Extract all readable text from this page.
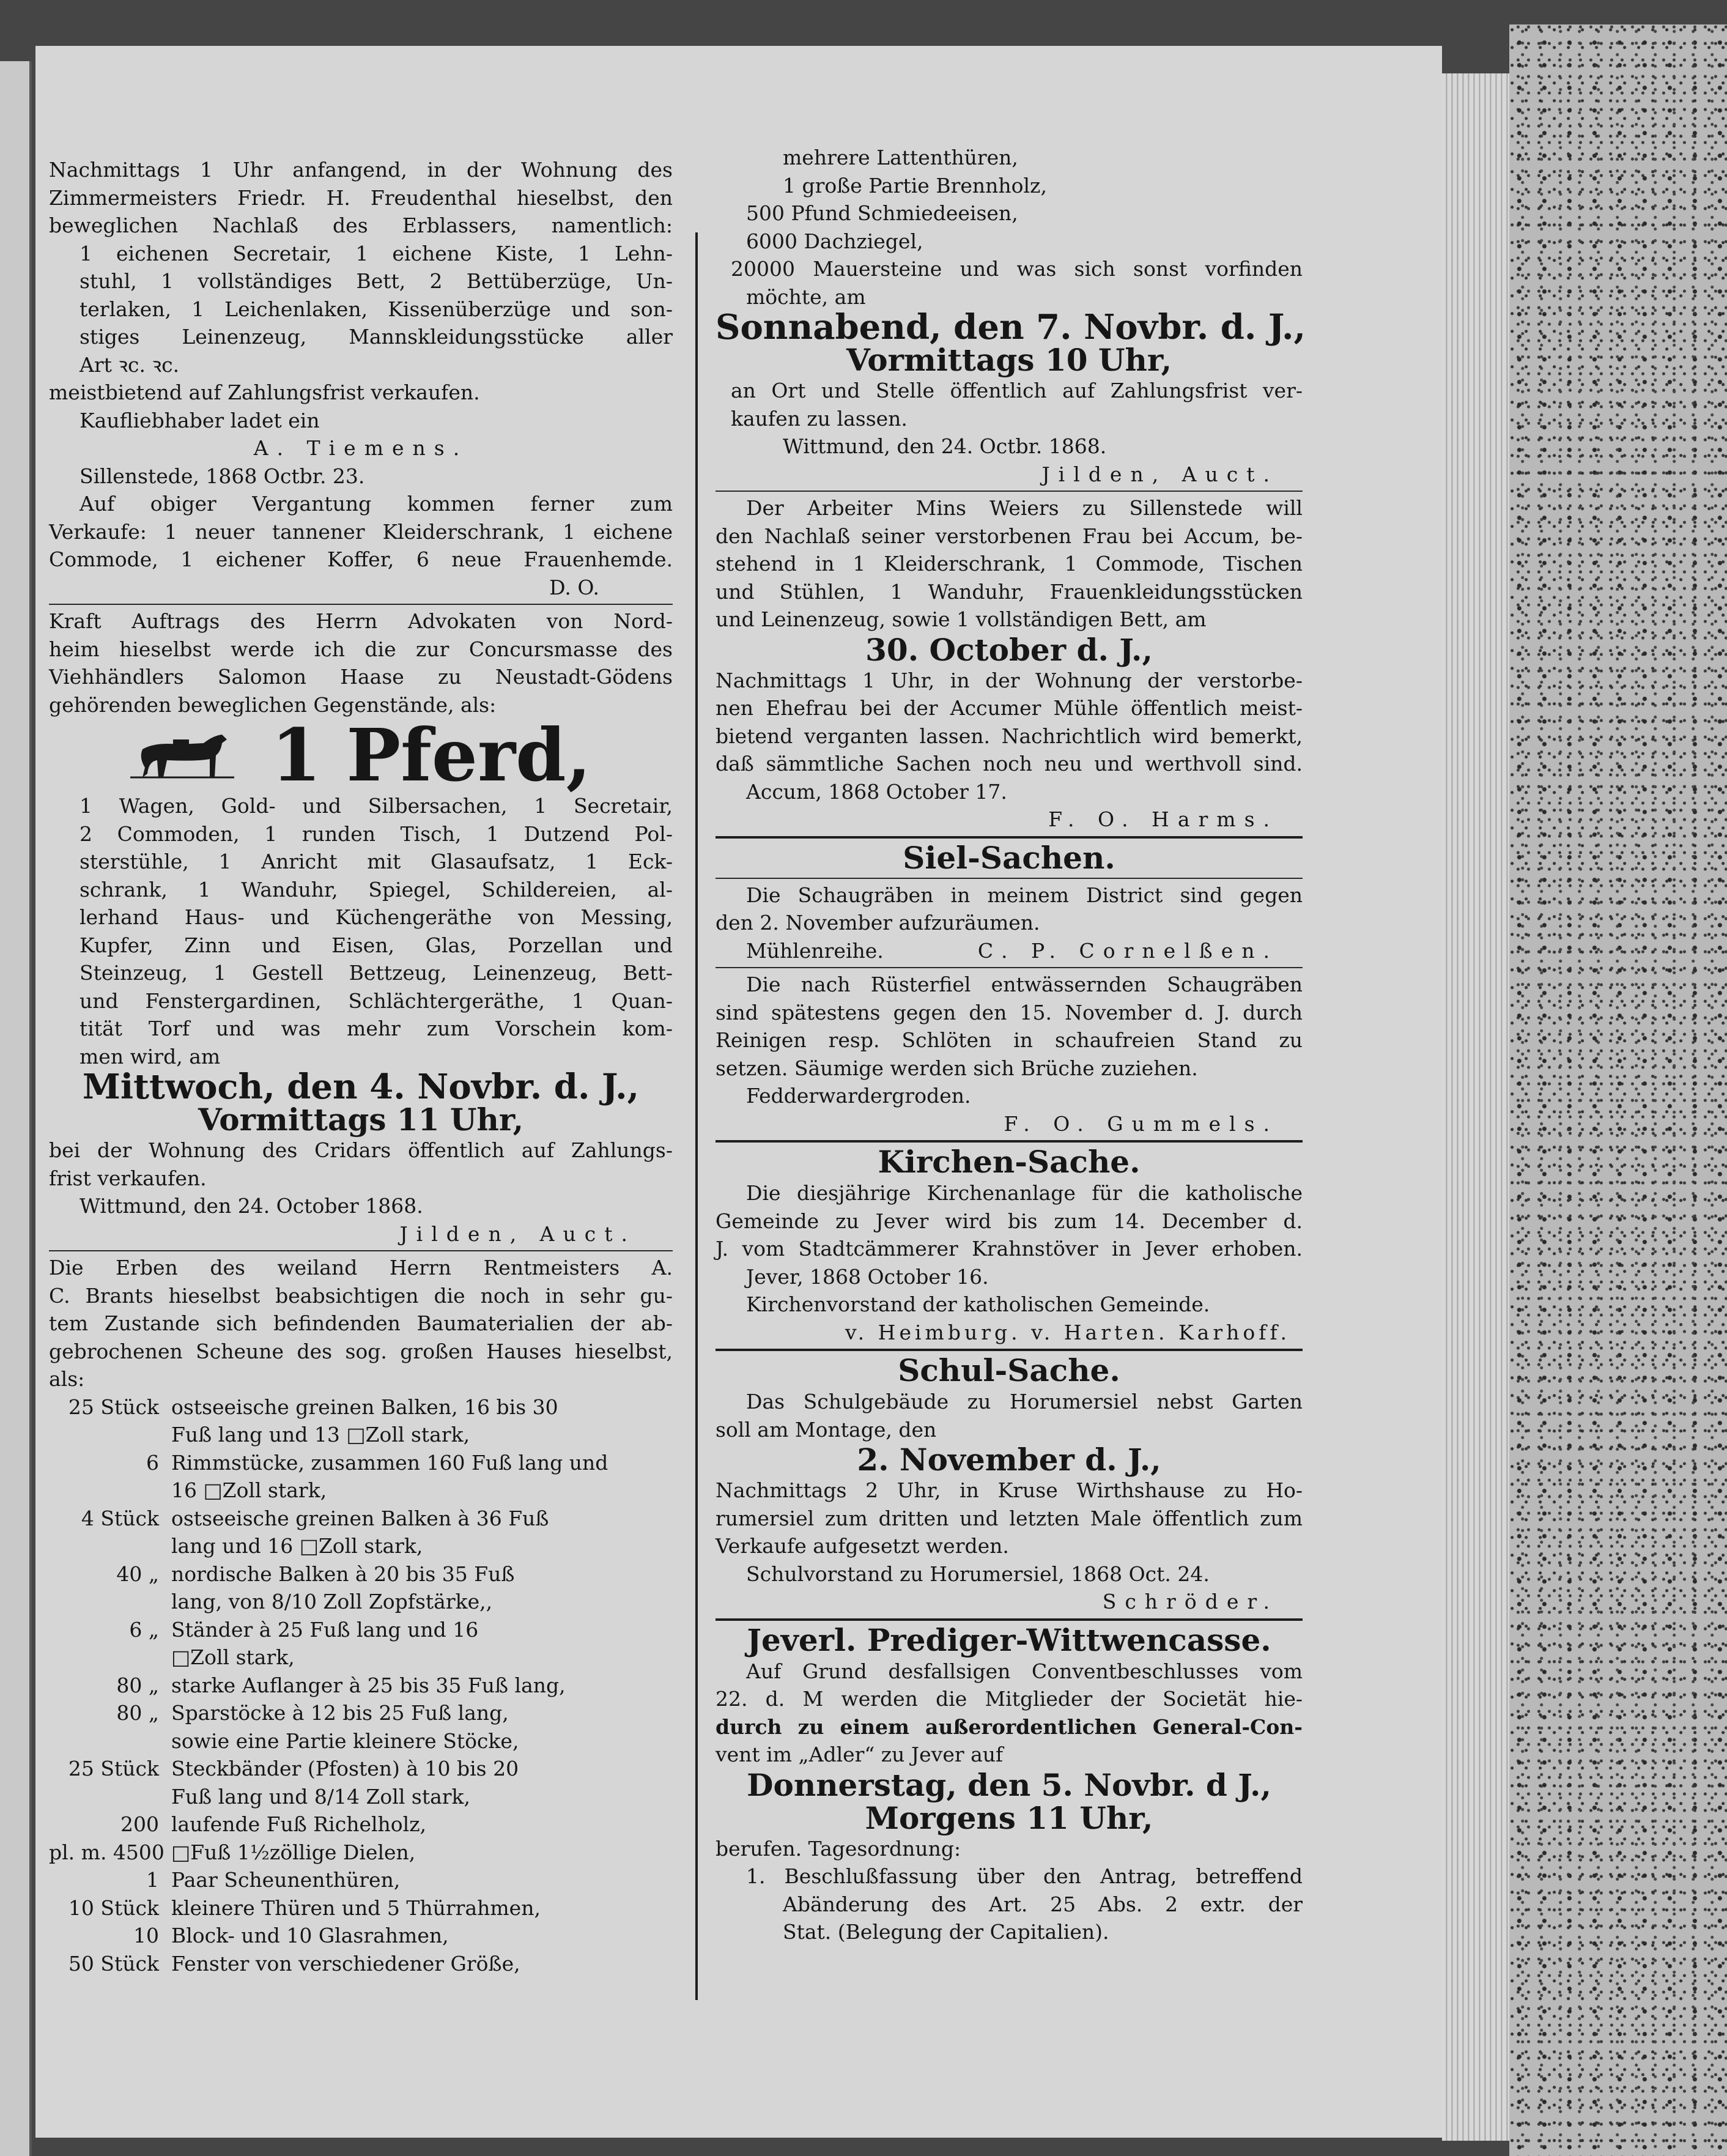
Nachmittags 1 Uhr anfangend, in der Wohnung des
Zimmermeisters Friedr. H. Freudenthal hieselbst, den
beweglichen Nachlaß des Erblassers, namentlich:
1 eichenen Secretair, 1 eichene Kiste, 1 Lehn-
stuhl, 1 vollständiges Bett, 2 Bettüberzüge, Un-
terlaken, 1 Leichenlaken, Kissenüberzüge und son-
stiges Leinenzeug, Mannskleidungsstücke aller
Art ꝛc. ꝛc.
meistbietend auf Zahlungsfrist verkaufen.
Kaufliebhaber ladet ein
A. Tiemens.
Sillenstede, 1868 Octbr. 23.
Auf obiger Vergantung kommen ferner zum
Verkaufe: 1 neuer tannener Kleiderschrank, 1 eichene
Commode, 1 eichener Koffer, 6 neue Frauenhemde.
D. O.
Kraft Auftrags des Herrn Advokaten von Nord-
heim hieselbst werde ich die zur Concursmasse des
Viehhändlers Salomon Haase zu Neustadt-Gödens
gehörenden beweglichen Gegenstände, als:
1 Pferd,
1 Wagen, Gold- und Silbersachen, 1 Secretair,
2 Commoden, 1 runden Tisch, 1 Dutzend Pol-
sterstühle, 1 Anricht mit Glasaufsatz, 1 Eck-
schrank, 1 Wanduhr, Spiegel, Schildereien, al-
lerhand Haus- und Küchengeräthe von Messing,
Kupfer, Zinn und Eisen, Glas, Porzellan und
Steinzeug, 1 Gestell Bettzeug, Leinenzeug, Bett-
und Fenstergardinen, Schlächtergeräthe, 1 Quan-
tität Torf und was mehr zum Vorschein kom-
men wird, am
Mittwoch, den 4. Novbr. d. J.,
Vormittags 11 Uhr,
bei der Wohnung des Cridars öffentlich auf Zahlungs-
frist verkaufen.
Wittmund, den 24. October 1868.
Jilden, Auct.
Die Erben des weiland Herrn Rentmeisters A.
C. Brants hieselbst beabsichtigen die noch in sehr gu-
tem Zustande sich befindenden Baumaterialien der ab-
gebrochenen Scheune des sog. großen Hauses hieselbst,
als:
25 Stück ostseeische greinen Balken, 16 bis 30
Fuß lang und 13 □Zoll stark,
6 Rimmstücke, zusammen 160 Fuß lang und
16 □Zoll stark,
4 Stück ostseeische greinen Balken à 36 Fuß
lang und 16 □Zoll stark,
40 „ nordische Balken à 20 bis 35 Fuß
lang, von 8/10 Zoll Zopfstärke,,
6 „ Ständer à 25 Fuß lang und 16
□Zoll stark,
80 „ starke Auflanger à 25 bis 35 Fuß lang,
80 „ Sparstöcke à 12 bis 25 Fuß lang,
sowie eine Partie kleinere Stöcke,
25 Stück Steckbänder (Pfosten) à 10 bis 20
Fuß lang und 8/14 Zoll stark,
200 laufende Fuß Richelholz,
pl. m. 4500 □Fuß 1½zöllige Dielen,
1 Paar Scheunenthüren,
10 Stück kleinere Thüren und 5 Thürrahmen,
10 Block- und 10 Glasrahmen,
50 Stück Fenster von verschiedener Größe,
mehrere Lattenthüren,
1 große Partie Brennholz,
500 Pfund Schmiedeeisen,
6000 Dachziegel,
20000 Mauersteine und was sich sonst vorfinden
möchte, am
Sonnabend, den 7. Novbr. d. J.,
Vormittags 10 Uhr,
an Ort und Stelle öffentlich auf Zahlungsfrist ver-
kaufen zu lassen.
Wittmund, den 24. Octbr. 1868.
Jilden, Auct.
Der Arbeiter Mins Weiers zu Sillenstede will
den Nachlaß seiner verstorbenen Frau bei Accum, be-
stehend in 1 Kleiderschrank, 1 Commode, Tischen
und Stühlen, 1 Wanduhr, Frauenkleidungsstücken
und Leinenzeug, sowie 1 vollständigen Bett, am
30. October d. J.,
Nachmittags 1 Uhr, in der Wohnung der verstorbe-
nen Ehefrau bei der Accumer Mühle öffentlich meist-
bietend verganten lassen. Nachrichtlich wird bemerkt,
daß sämmtliche Sachen noch neu und werthvoll sind.
Accum, 1868 October 17.
F. O. Harms.
Siel-Sachen.
Die Schaugräben in meinem District sind gegen
den 2. November aufzuräumen.
Mühlenreihe.	C. P. Cornelßen.
Die nach Rüsterfiel entwässernden Schaugräben
sind spätestens gegen den 15. November d. J. durch
Reinigen resp. Schlöten in schaufreien Stand zu
setzen. Säumige werden sich Brüche zuziehen.
Fedderwardergroden.
F. O. Gummels.
Kirchen-Sache.
Die diesjährige Kirchenanlage für die katholische
Gemeinde zu Jever wird bis zum 14. December d.
J. vom Stadtcämmerer Krahnstöver in Jever erhoben.
Jever, 1868 October 16.
Kirchenvorstand der katholischen Gemeinde.
v. Heimburg. v. Harten. Karhoff.
Schul-Sache.
Das Schulgebäude zu Horumersiel nebst Garten
soll am Montage, den
2. November d. J.,
Nachmittags 2 Uhr, in Kruse Wirthshause zu Ho-
rumersiel zum dritten und letzten Male öffentlich zum
Verkaufe aufgesetzt werden.
Schulvorstand zu Horumersiel, 1868 Oct. 24.
Schröder.
Jeverl. Prediger-Wittwencasse.
Auf Grund desfallsigen Conventbeschlusses vom
22. d. M werden die Mitglieder der Societät hie-
durch zu einem außerordentlichen General-Con-
vent im „Adler“ zu Jever auf
Donnerstag, den 5. Novbr. d J.,
Morgens 11 Uhr,
berufen. Tagesordnung:
1. Beschlußfassung über den Antrag, betreffend
Abänderung des Art. 25 Abs. 2 extr. der
Stat. (Belegung der Capitalien).
